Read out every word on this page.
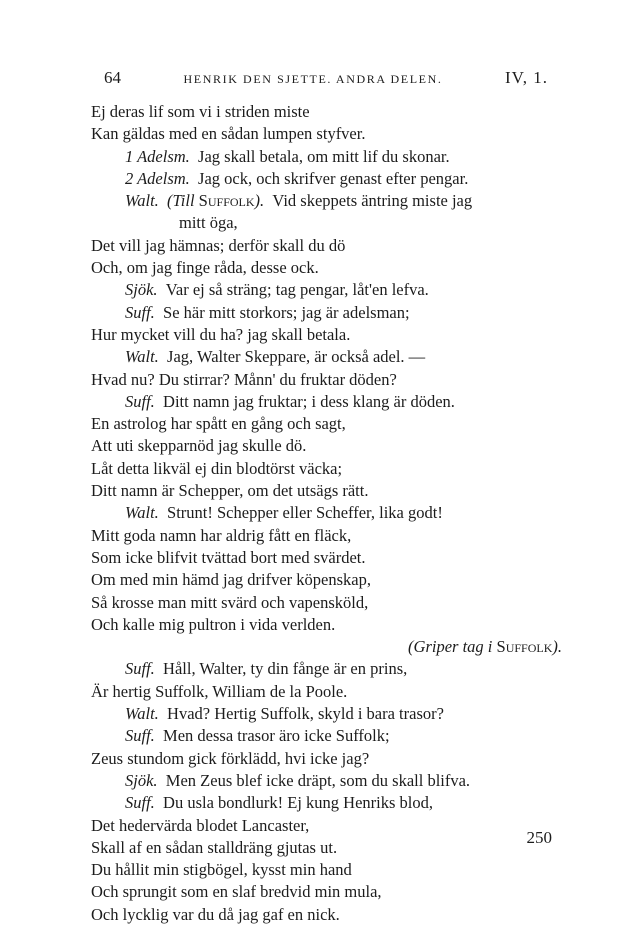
64	HENRIK DEN SJETTE. ANDRA DELEN.	IV, 1.
Ej deras lif som vi i striden miste
Kan gäldas med en sådan lumpen styfver.
1 Adelsm. Jag skall betala, om mitt lif du skonar.
2 Adelsm. Jag ock, och skrifver genast efter pengar.
Walt. (Till Suffolk). Vid skeppets äntring miste jag
mitt öga,
Det vill jag hämnas; derför skall du dö
Och, om jag finge råda, desse ock.
Sjök. Var ej så sträng; tag pengar, låt'en lefva.
Suff. Se här mitt storkors; jag är adelsman;
Hur mycket vill du ha? jag skall betala.
Walt. Jag, Walter Skeppare, är också adel. —
Hvad nu? Du stirrar? Månn' du fruktar döden?
Suff. Ditt namn jag fruktar; i dess klang är döden.
En astrolog har spått en gång och sagt,
Att uti skepparnöd jag skulle dö.
Låt detta likväl ej din blodtörst väcka;
Ditt namn är Schepper, om det utsägs rätt.
Walt. Strunt! Schepper eller Scheffer, lika godt!
Mitt goda namn har aldrig fått en fläck,
Som icke blifvit tvättad bort med svärdet.
Om med min hämd jag drifver köpenskap,
Så krosse man mitt svärd och vapensköld,
Och kalle mig pultron i vida verlden.
(Griper tag i Suffolk).
Suff. Håll, Walter, ty din fånge är en prins,
Är hertig Suffolk, William de la Poole.
Walt. Hvad? Hertig Suffolk, skyld i bara trasor?
Suff. Men dessa trasor äro icke Suffolk;
Zeus stundom gick förklädd, hvi icke jag?
Sjök. Men Zeus blef icke dräpt, som du skall blifva.
Suff. Du usla bondlurk! Ej kung Henriks blod,
Det hedervärda blodet Lancaster,
Skall af en sådan stalldräng gjutas ut.
Du hållit min stigbögel, kysst min hand
Och sprungit som en slaf bredvid min mula,
Och lycklig var du då jag gaf en nick.
250
